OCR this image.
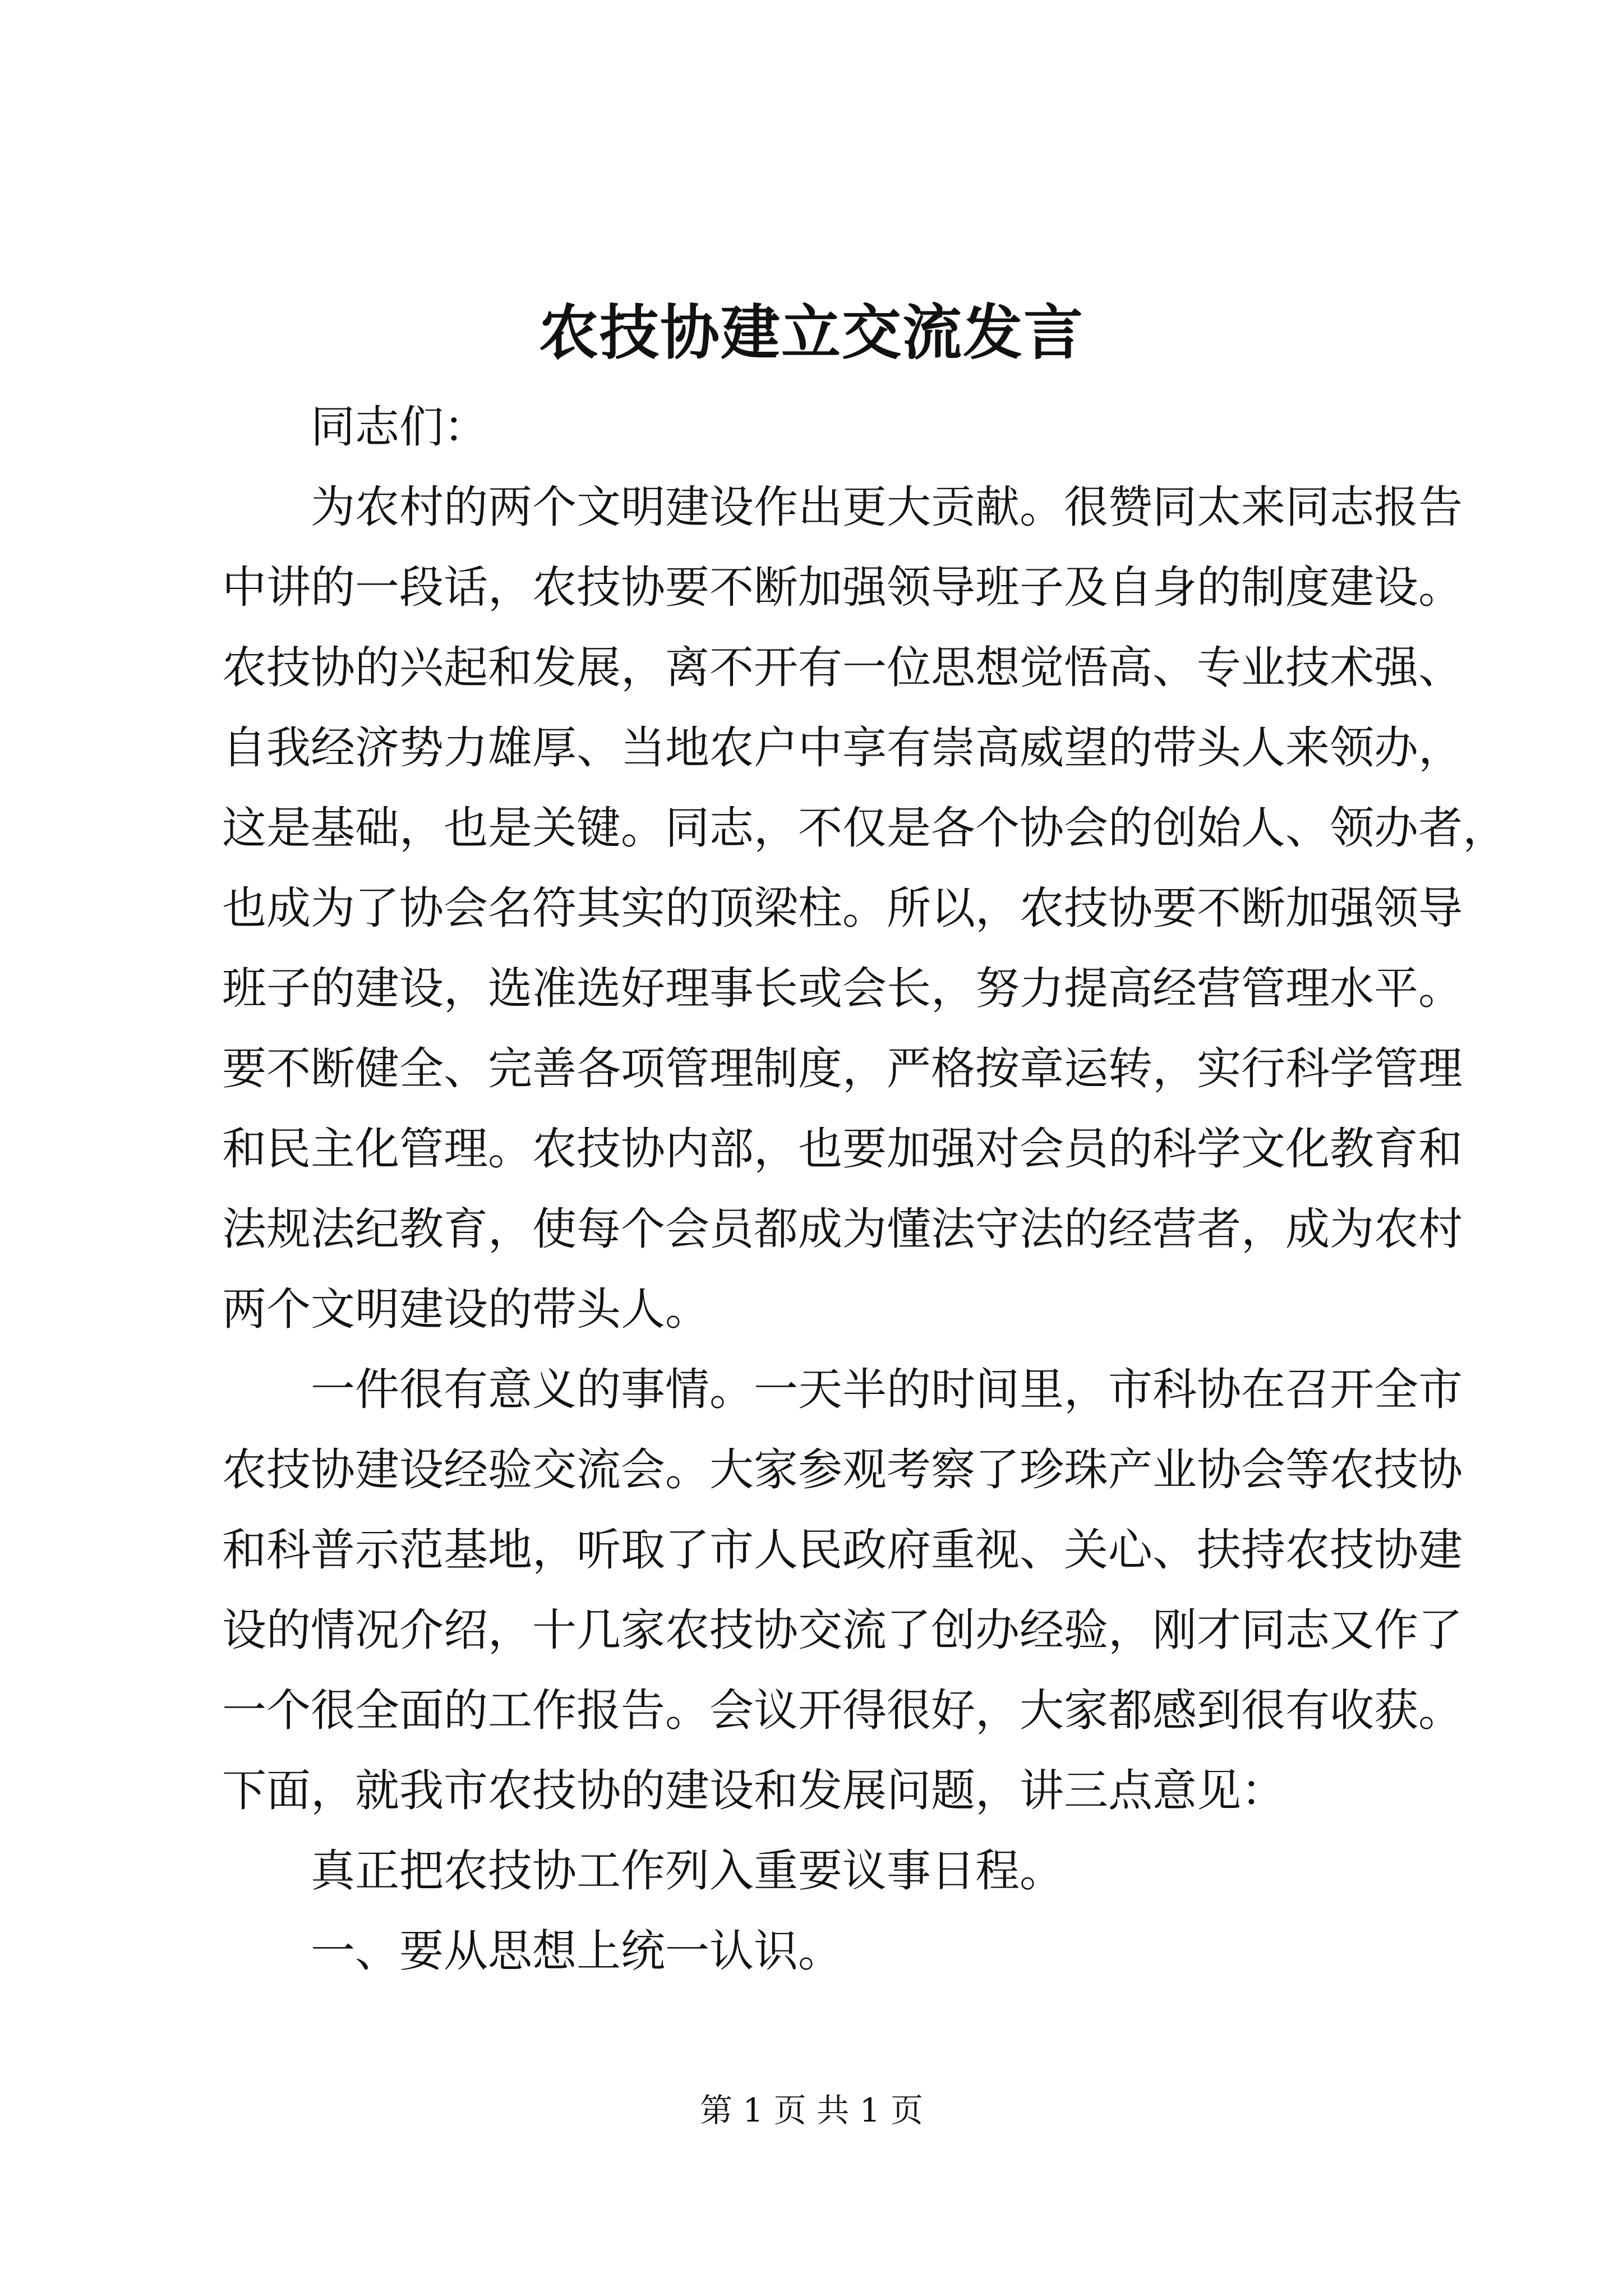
农技协建立交流发言
同志们：
为农村的两个文明建设作出更大贡献。很赞同太来同志报告
中讲的一段话，农技协要不断加强领导班子及自身的制度建设。
农技协的兴起和发展，离不开有一位思想觉悟高、专业技术强、
自我经济势力雄厚、当地农户中享有崇高威望的带头人来领办，
这是基础，也是关键。同志，不仅是各个协会的创始人、领办者，
也成为了协会名符其实的顶梁柱。所以，农技协要不断加强领导
班子的建设，选准选好理事长或会长，努力提高经营管理水平。
要不断健全、完善各项管理制度，严格按章运转，实行科学管理
和民主化管理。农技协内部，也要加强对会员的科学文化教育和
法规法纪教育，使每个会员都成为懂法守法的经营者，成为农村
两个文明建设的带头人。
一件很有意义的事情。一天半的时间里，市科协在召开全市
农技协建设经验交流会。大家参观考察了珍珠产业协会等农技协
和科普示范基地，听取了市人民政府重视、关心、扶持农技协建
设的情况介绍，十几家农技协交流了创办经验，刚才同志又作了
一个很全面的工作报告。会议开得很好，大家都感到很有收获。
下面，就我市农技协的建设和发展问题，讲三点意见：
真正把农技协工作列入重要议事日程。
一、要从思想上统一认识。
第 1 页 共 1 页
